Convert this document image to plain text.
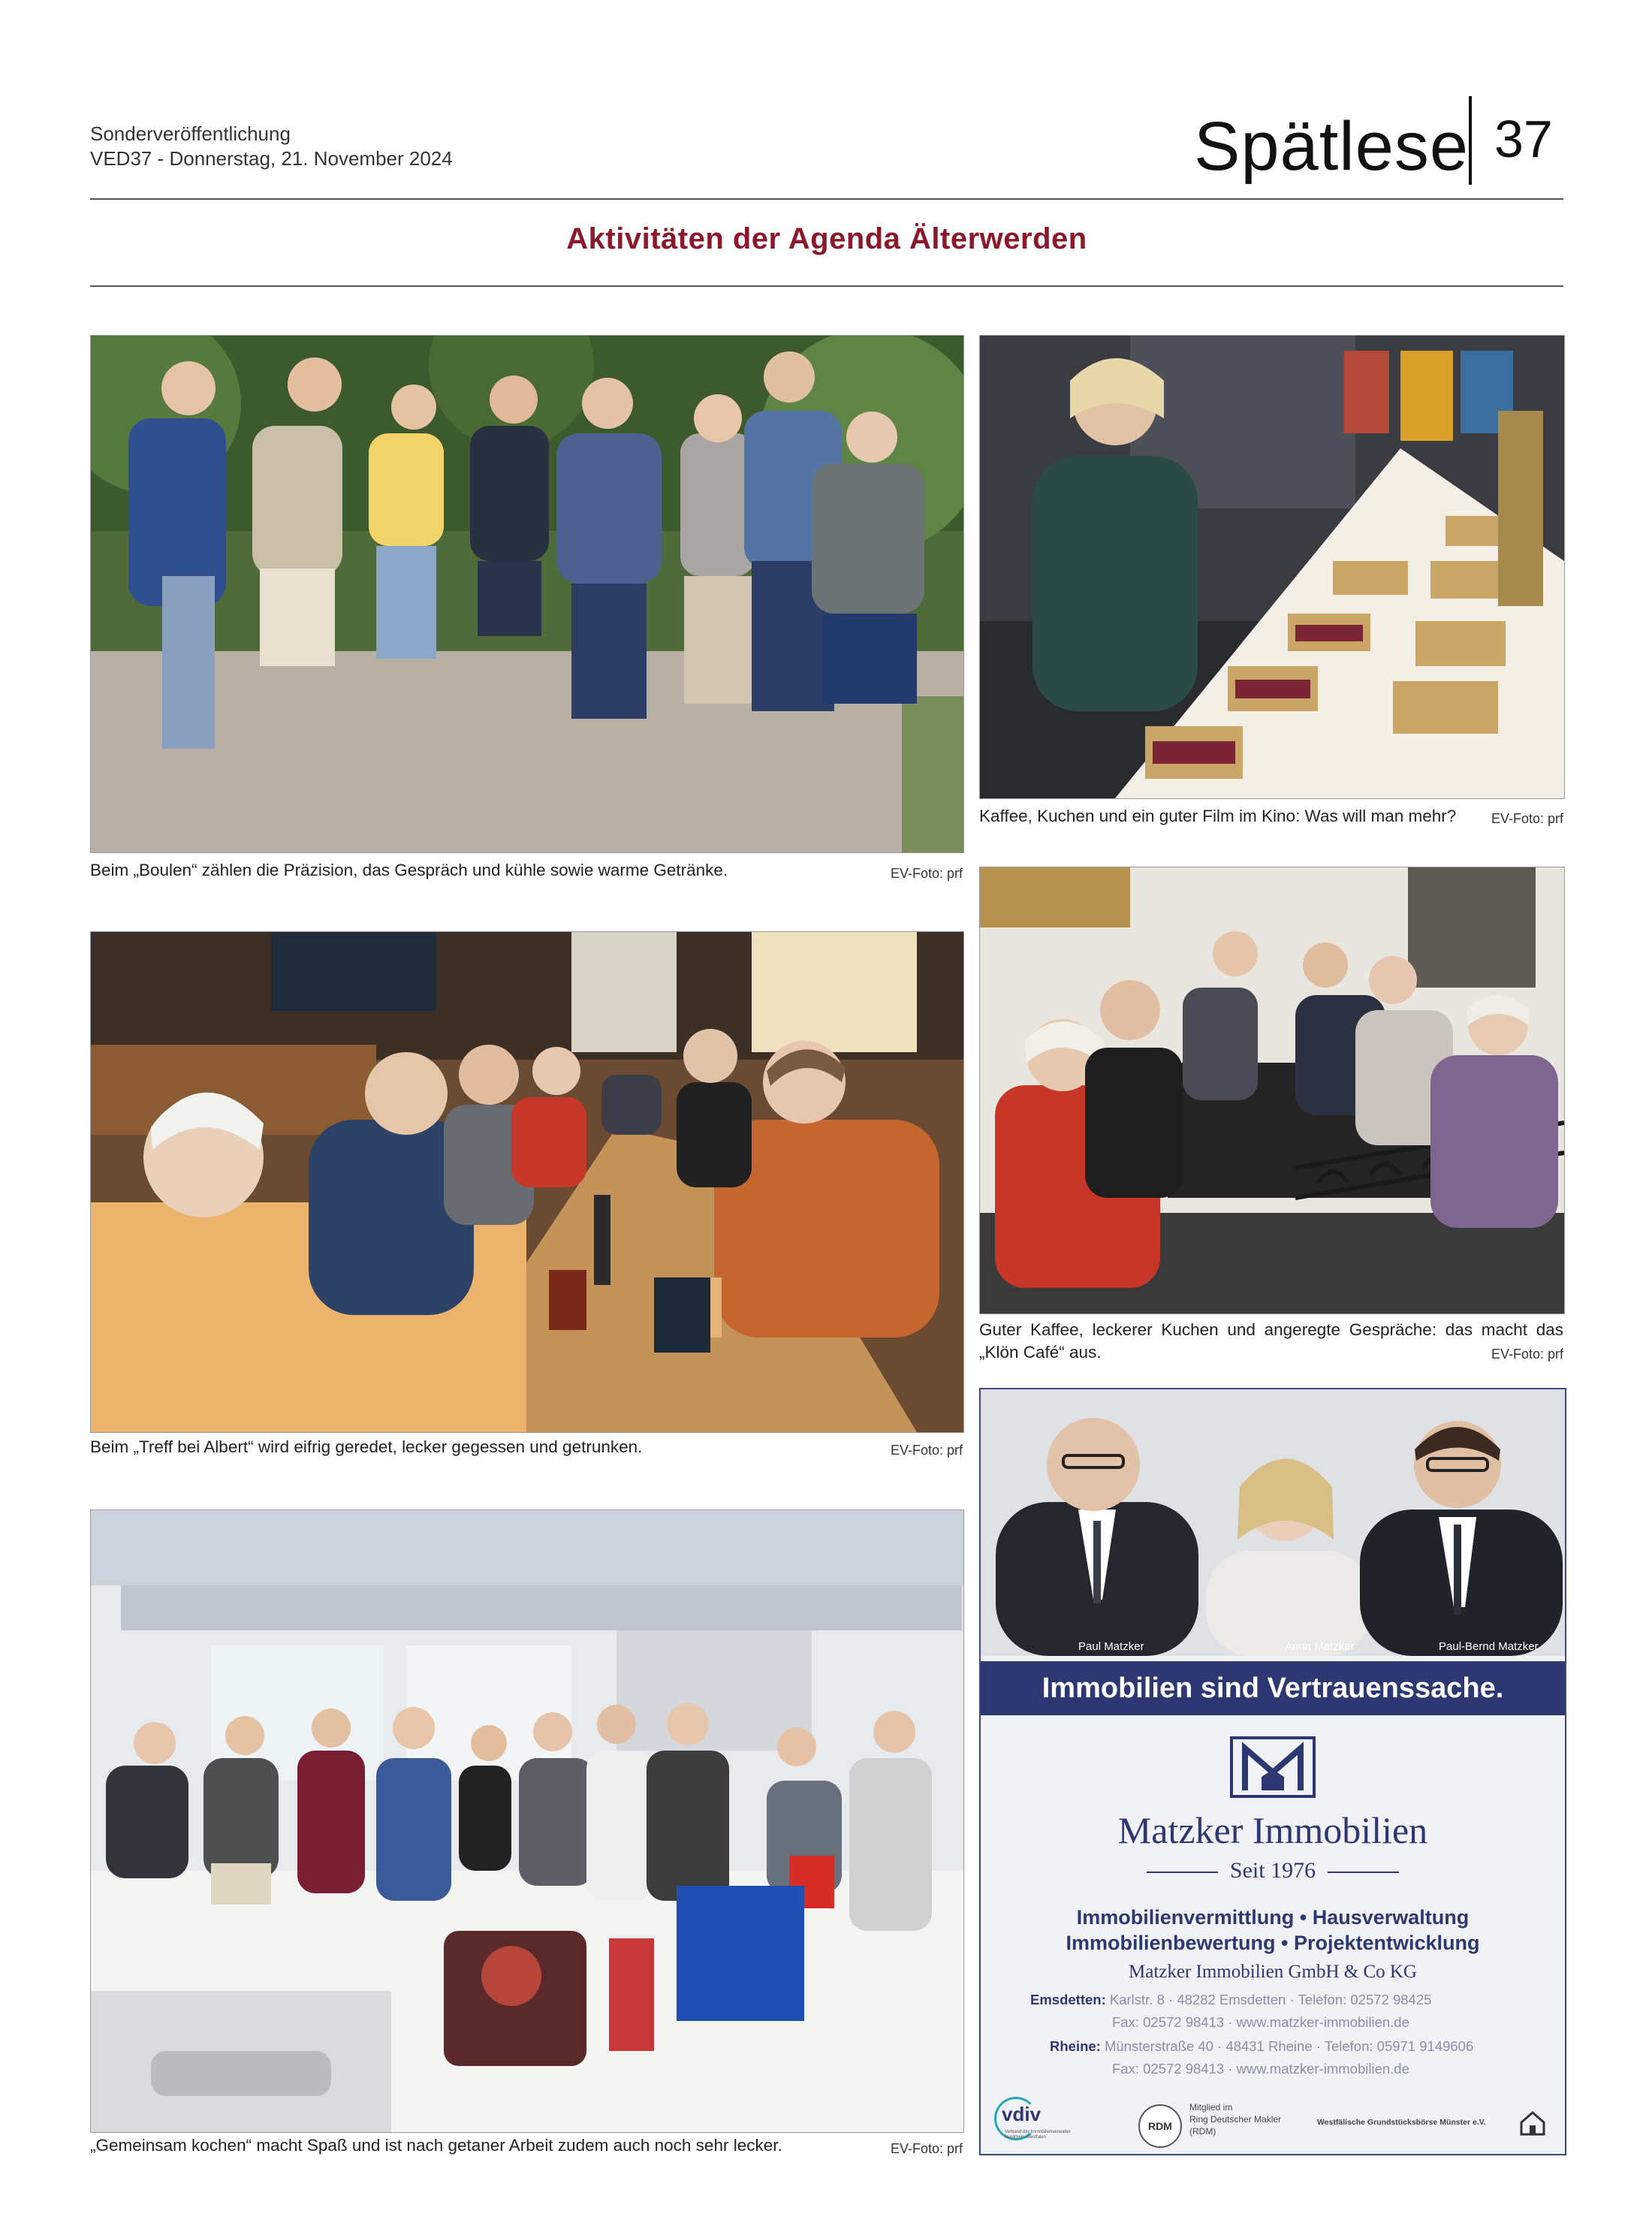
Sonderveröffentlichung
VED37 - Donnerstag, 21. November 2024	Spätlese 37
Aktivitäten der Agenda Älterwerden
Beim „Boulen“ zählen die Präzision, das Gespräch und kühle sowie warme Getränke.	EV-Foto: prf
Kaffee, Kuchen und ein guter Film im Kino: Was will man mehr?	EV-Foto: prf
Guter Kaffee, leckerer Kuchen und angeregte Gespräche: das macht das „Klön Café“ aus.	EV-Foto: prf
Beim „Treff bei Albert“ wird eifrig geredet, lecker gegessen und getrunken.	EV-Foto: prf
„Gemeinsam kochen“ macht Spaß und ist nach getaner Arbeit zudem auch noch sehr lecker.	EV-Foto: prf
Paul Matzker	Anna Matzker	Paul-Bernd Matzker
Immobilien sind Vertrauenssache.
Matzker Immobilien
Seit 1976
Immobilienvermittlung • Hausverwaltung
Immobilienbewertung • Projektentwicklung
Matzker Immobilien GmbH & Co KG
Emsdetten: Karlstr. 8 · 48282 Emsdetten · Telefon: 02572 98425
Fax: 02572 98413 · www.matzker-immobilien.de
Rheine: Münsterstraße 40 · 48431 Rheine · Telefon: 05971 9149606
Fax: 02572 98413 · www.matzker-immobilien.de
vdiv
Verband der Immobilienverwalter Nordrhein-Westfalen
RDM
Mitglied im
Ring Deutscher Makler
(RDM)
Westfälische Grundstücksbörse Münster e.V.
